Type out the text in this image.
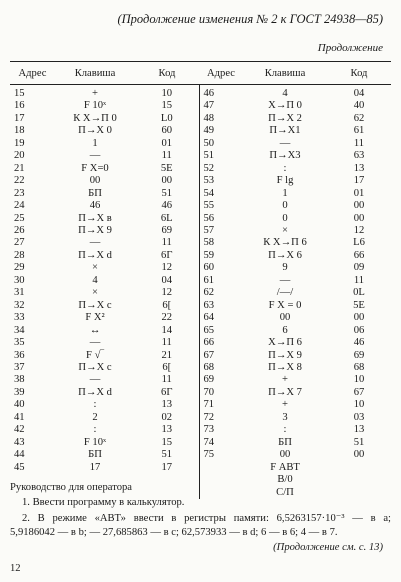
(Продолжение изменения № 2 к ГОСТ 24938—85)
Продолжение
Адрес	Клавиша	Код	Адрес	Клавиша	Код
15	+	10	46	4	04
16	F 10ˣ	15	47	Х→П 0	40
17	К Х→П 0	L0	48	П→Х 2	62
18	П→Х 0	60	49	П→Х1	61
19	1	01	50	—	11
20	—	11	51	П→Х3	63
21	F Х=0	5E	52	:	13
22	00	00	53	F lg	17
23	БП	51	54	1	01
24	46	46	55	0	00
25	П→Х в	6L	56	0	00
26	П→Х 9	69	57	×	12
27	—	11	58	К Х→П 6	L6
28	П→Х d	6Г	59	П→Х 6	66
29	×	12	60	9	09
30	4	04	61	—	11
31	×	12	62	/—/	0L
32	П→Х с	6[	63	F Х = 0	5E
33	F Х²	22	64	00	00
34	↔	14	65	6	06
35	—	11	66	Х→П 6	46
36	F √‾	21	67	П→Х 9	69
37	П→Х с	6[	68	П→Х 8	68
38	—	11	69	+	10
39	П→Х d	6Г	70	П→Х 7	67
40	:	13	71	+	10
41	2	02	72	3	03
42	:	13	73	:	13
43	F 10ˣ	15	74	БП	51
44	БП	51	75	00	00
45	17	17		F АВТ	
				В/0	
				С/П	
Руководство для оператора
1. Ввести программу в калькулятор.
2. В режиме «АВТ» ввести в регистры памяти: 6,5263157·10⁻³ — в а;
5,9186042 — в b; — 27,685863 — в с; 62,573933 — в d; 6 — в 6; 4 — в 7.
(Продолжение см. с. 13)
12
